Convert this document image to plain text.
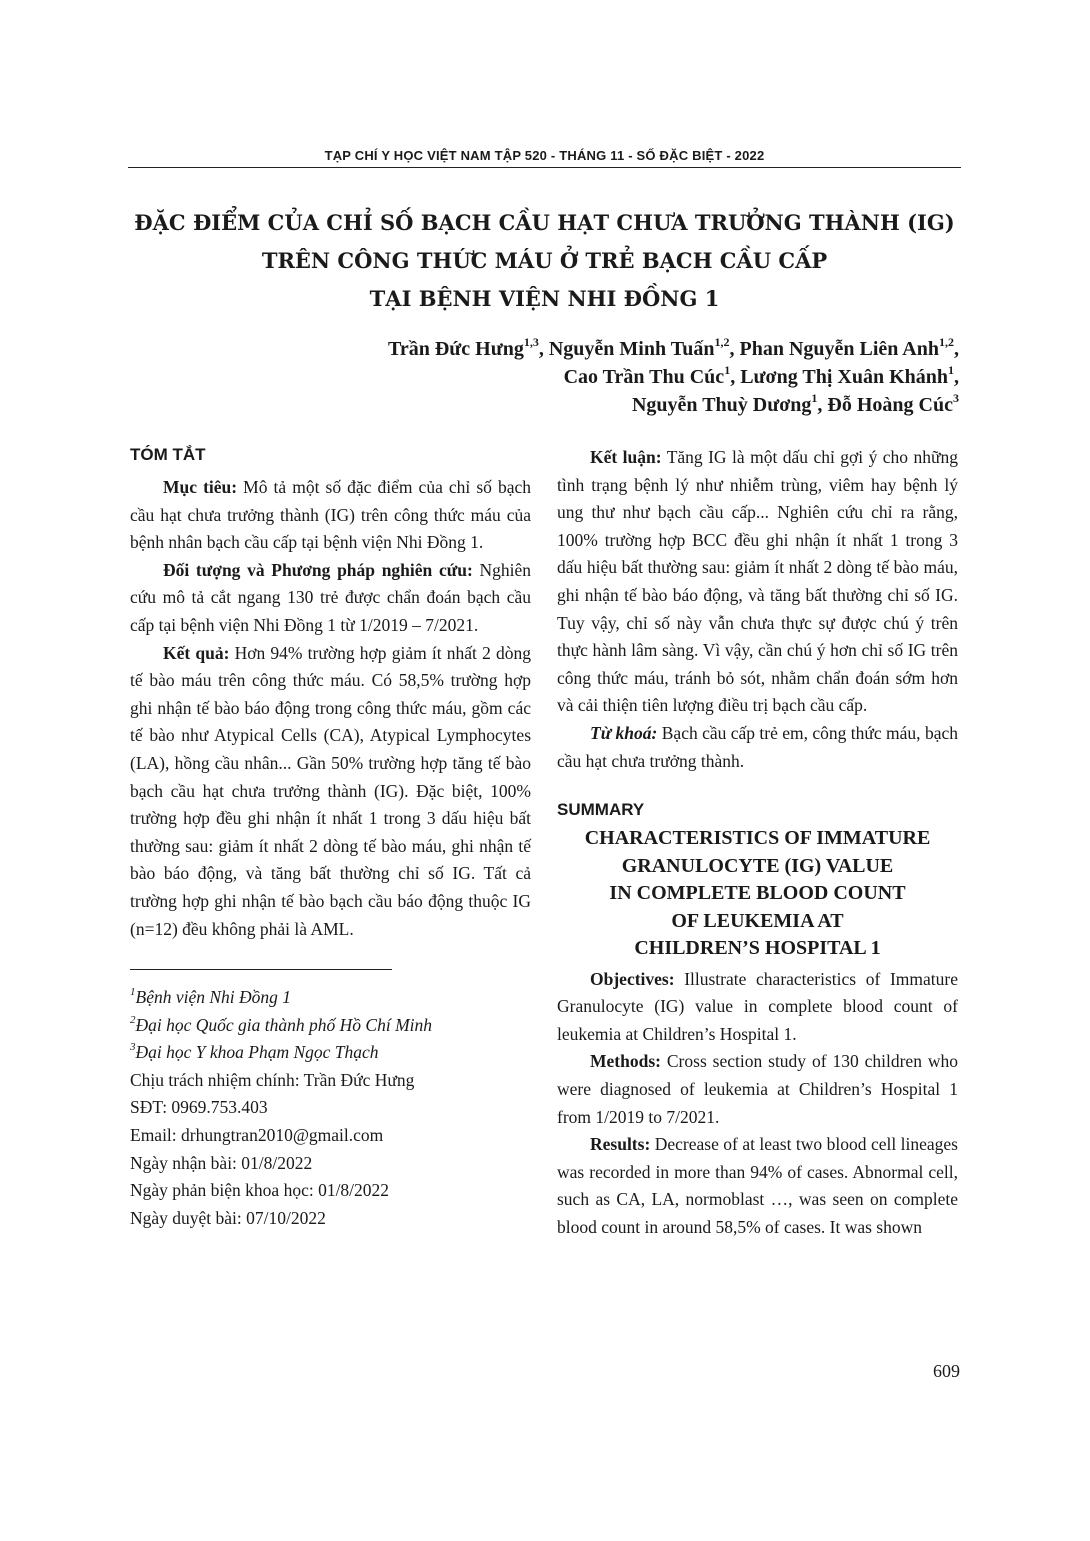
TẠP CHÍ Y HỌC VIỆT NAM TẬP 520 - THÁNG 11 - SỐ ĐẶC BIỆT - 2022
ĐẶC ĐIỂM CỦA CHỈ SỐ BẠCH CẦU HẠT CHƯA TRƯỞNG THÀNH (IG)
TRÊN CÔNG THỨC MÁU Ở TRẺ BẠCH CẦU CẤP
TẠI BỆNH VIỆN NHI ĐỒNG 1
Trần Đức Hưng$^{1,3}$, Nguyễn Minh Tuấn$^{1,2}$, Phan Nguyễn Liên Anh$^{1,2}$,
Cao Trần Thu Cúc$^1$, Lương Thị Xuân Khánh$^1$,
Nguyễn Thuỳ Dương$^1$, Đỗ Hoàng Cúc$^3$
TÓM TẮT

Mục tiêu: Mô tả một số đặc điểm của chỉ số bạch cầu hạt chưa trưởng thành (IG) trên công thức máu của bệnh nhân bạch cầu cấp tại bệnh viện Nhi Đồng 1.

Đối tượng và Phương pháp nghiên cứu: Nghiên cứu mô tả cắt ngang 130 trẻ được chẩn đoán bạch cầu cấp tại bệnh viện Nhi Đồng 1 từ 1/2019 – 7/2021.

Kết quả: Hơn 94% trường hợp giảm ít nhất 2 dòng tế bào máu trên công thức máu. Có 58,5% trường hợp ghi nhận tế bào báo động trong công thức máu, gồm các tế bào như Atypical Cells (CA), Atypical Lymphocytes (LA), hồng cầu nhân... Gần 50% trường hợp tăng tế bào bạch cầu hạt chưa trưởng thành (IG). Đặc biệt, 100% trường hợp đều ghi nhận ít nhất 1 trong 3 dấu hiệu bất thường sau: giảm ít nhất 2 dòng tế bào máu, ghi nhận tế bào báo động, và tăng bất thường chỉ số IG. Tất cả trường hợp ghi nhận tế bào bạch cầu báo động thuộc IG (n=12) đều không phải là AML.

$^1$Bệnh viện Nhi Đồng 1
$^2$Đại học Quốc gia thành phố Hồ Chí Minh
$^3$Đại học Y khoa Phạm Ngọc Thạch
Chịu trách nhiệm chính: Trần Đức Hưng
SĐT: 0969.753.403
Email: drhungtran2010@gmail.com
Ngày nhận bài: 01/8/2022
Ngày phản biện khoa học: 01/8/2022
Ngày duyệt bài: 07/10/2022

Kết luận: Tăng IG là một dấu chỉ gợi ý cho những tình trạng bệnh lý như nhiễm trùng, viêm hay bệnh lý ung thư như bạch cầu cấp... Nghiên cứu chỉ ra rằng, 100% trường hợp BCC đều ghi nhận ít nhất 1 trong 3 dấu hiệu bất thường sau: giảm ít nhất 2 dòng tế bào máu, ghi nhận tế bào báo động, và tăng bất thường chỉ số IG. Tuy vậy, chỉ số này vẫn chưa thực sự được chú ý trên thực hành lâm sàng. Vì vậy, cần chú ý hơn chỉ số IG trên công thức máu, tránh bỏ sót, nhằm chẩn đoán sớm hơn và cải thiện tiên lượng điều trị bạch cầu cấp.

Từ khoá: Bạch cầu cấp trẻ em, công thức máu, bạch cầu hạt chưa trưởng thành.

SUMMARY
CHARACTERISTICS OF IMMATURE
GRANULOCYTE (IG) VALUE
IN COMPLETE BLOOD COUNT
OF LEUKEMIA AT
CHILDREN’S HOSPITAL 1

Objectives: Illustrate characteristics of Immature Granulocyte (IG) value in complete blood count of leukemia at Children’s Hospital 1.

Methods: Cross section study of 130 children who were diagnosed of leukemia at Children’s Hospital 1 from 1/2019 to 7/2021.

Results: Decrease of at least two blood cell lineages was recorded in more than 94% of cases. Abnormal cell, such as CA, LA, normoblast …, was seen on complete blood count in around 58,5% of cases. It was shown

609
